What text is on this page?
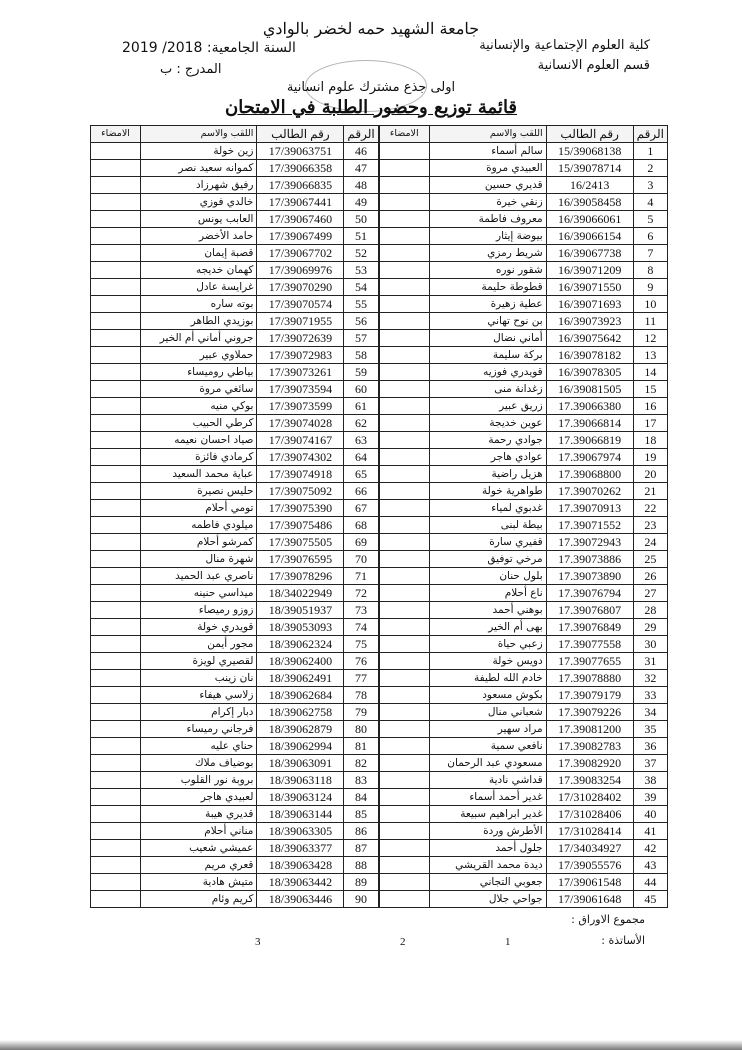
جامعة الشهيد حمه لخضر بالوادي
كلية العلوم الإجتماعية والإنسانية
قسم العلوم الانسانية
السنة الجامعية: 2018/ 2019
المدرج : ب
اولى جذع مشترك علوم انسانية
قائمة توزيع وحضور الطلبة في الامتحان
الامضاء	اللقب والاسم	رقم الطالب	الرقم	الامضاء	اللقب والاسم	رقم الطالب	الرقم
	زين خولة	17/39063751	46		سالم أسماء	15/39068138	1
	كموانه سعيد نصر	17/39066358	47		العبيدي مروة	15/39078714	2
	رفيق شهرزاد	17/39066835	48		قديري حسين	16/2413	3
	خالدي فوزي	17/39067441	49		زنقي خيرة	16/39058458	4
	العابب يونس	17/39067460	50		معروف فاطمة	16/39066061	5
	حامد الأخضر	17/39067499	51		بيوضة إيثار	16/39066154	6
	قصبة إيمان	17/39067702	52		شريط رمزي	16/39067738	7
	كهمان خديجه	17/39069976	53		شقور نوره	16/39071209	8
	غرايسة عادل	17/39070290	54		قطوطة حليمة	16/39071550	9
	بوته ساره	17/39070574	55		عطية زهيرة	16/39071693	10
	بوزيدي الطاهر	17/39071955	56		بن نوح تهاني	16/39073923	11
	جروني أماني أم الخير	17/39072639	57		أماني نضال	16/39075642	12
	حملاوي عبير	17/39072983	58		بركة سليمة	16/39078182	13
	بياطي روميساء	17/39073261	59		قويدري فوزيه	16/39078305	14
	سائغي مروة	17/39073594	60		زغدانة منى	16/39081505	15
	بوكي منيه	17/39073599	61		زريق عبير	17.39066380	16
	كرطي الحبيب	17/39074028	62		عوين خديجة	17.39066814	17
	صياد احسان نعيمه	17/39074167	63		جوادي رحمة	17.39066819	18
	كرمادي فائزة	17/39074302	64		عوادي هاجر	17.39067974	19
	عباية محمد السعيد	17/39074918	65		هزيل راضية	17.39068800	20
	حليس نصيرة	17/39075092	66		طواهرية خولة	17.39070262	21
	تومي أحلام	17/39075390	67		غدبوي لمياء	17.39070913	22
	ميلودي فاطمه	17/39075486	68		بيطة لبنى	17.39071552	23
	كمرشو أحلام	17/39075505	69		قفيري سارة	17.39072943	24
	شهرة منال	17/39076595	70		مرخي توفيق	17.39073886	25
	ناصري عبد الحميد	17/39078296	71		بلول حنان	17.39073890	26
	ميداسي حنينه	18/34022949	72		ناع أحلام	17.39076794	27
	زوزو رميصاء	18/39051937	73		بوهني أحمد	17.39076807	28
	قويدري خولة	18/39053093	74		بهى أم الخير	17.39076849	29
	مجور أيمن	18/39062324	75		زعبي حياة	17.39077558	30
	لقصيري لويزة	18/39062400	76		دويس خولة	17.39077655	31
	نان زينب	18/39062491	77		خادم الله لطيفة	17.39078880	32
	زلاسي هيفاء	18/39062684	78		بكوش مسعود	17.39079179	33
	دبار إكرام	18/39062758	79		شعباني منال	17.39079226	34
	فرجاني رميساء	18/39062879	80		مراد سهير	17.39081200	35
	حناي عليه	18/39062994	81		نافعي سمية	17.39082783	36
	بوضياف ملاك	18/39063091	82		مسعودي عبد الرحمان	17.39082920	37
	بروبة نور القلوب	18/39063118	83		قداشي نادية	17.39083254	38
	لعبيدي هاجر	18/39063124	84		غدير أحمد أسماء	17/31028402	39
	قديري هيبة	18/39063144	85		غدير ابراهيم سبيعة	17/31028406	40
	مناني أحلام	18/39063305	86		الأطرش وردة	17/31028414	41
	عميشي شعيب	18/39063377	87		جلول أحمد	17/34034927	42
	قعري مريم	18/39063428	88		ديدة محمد القريشي	17/39055576	43
	متيش هادية	18/39063442	89		جعوبي التجاني	17/39061548	44
	كريم وئام	18/39063446	90		جواحي جلال	17/39061648	45
مجموع الاوراق :
الأساتذة :
1
2
3
